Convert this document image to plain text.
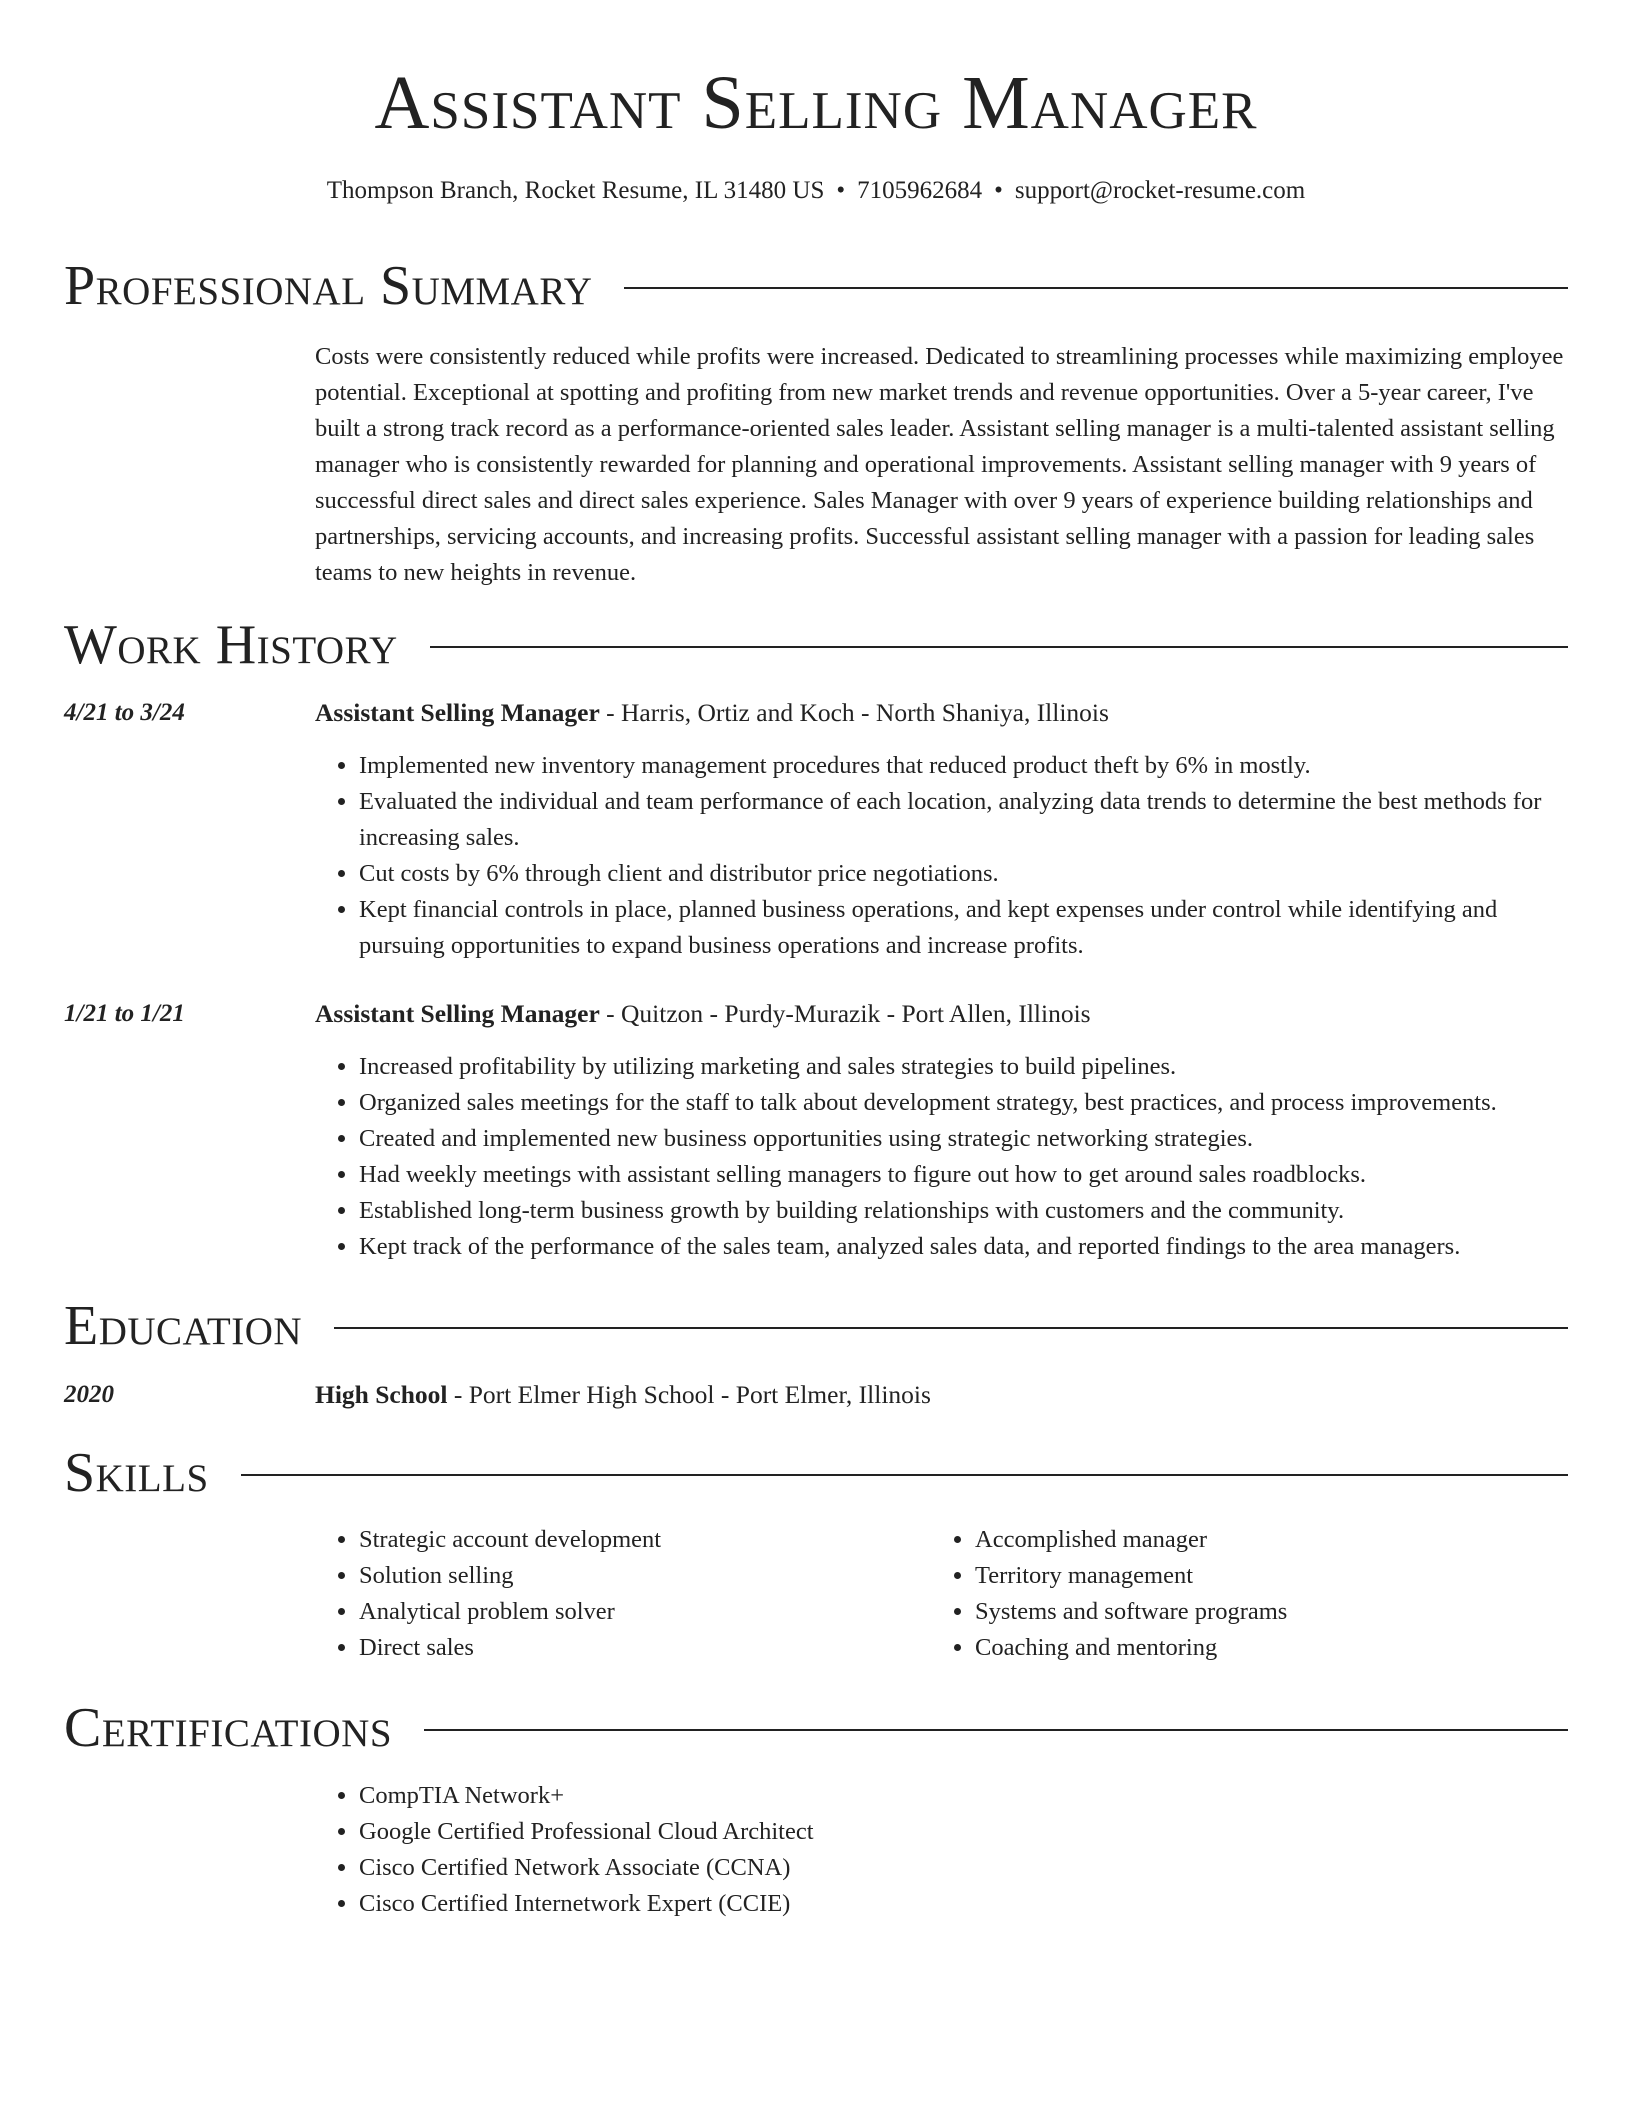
Assistant Selling Manager
Thompson Branch, Rocket Resume, IL 31480 US • 7105962684 • support@rocket-resume.com
Professional Summary

Costs were consistently reduced while profits were increased. Dedicated to streamlining processes while maximizing employee potential. Exceptional at spotting and profiting from new market trends and revenue opportunities. Over a 5-year career, I've built a strong track record as a performance-oriented sales leader. Assistant selling manager is a multi-talented assistant selling manager who is consistently rewarded for planning and operational improvements. Assistant selling manager with 9 years of successful direct sales and direct sales experience. Sales Manager with over 9 years of experience building relationships and partnerships, servicing accounts, and increasing profits. Successful assistant selling manager with a passion for leading sales teams to new heights in revenue.

Work History
4/21 to 3/24	Assistant Selling Manager - Harris, Ortiz and Koch - North Shaniya, Illinois
• Implemented new inventory management procedures that reduced product theft by 6% in mostly.
• Evaluated the individual and team performance of each location, analyzing data trends to determine the best methods for increasing sales.
• Cut costs by 6% through client and distributor price negotiations.
• Kept financial controls in place, planned business operations, and kept expenses under control while identifying and pursuing opportunities to expand business operations and increase profits.
1/21 to 1/21	Assistant Selling Manager - Quitzon - Purdy-Murazik - Port Allen, Illinois
• Increased profitability by utilizing marketing and sales strategies to build pipelines.
• Organized sales meetings for the staff to talk about development strategy, best practices, and process improvements.
• Created and implemented new business opportunities using strategic networking strategies.
• Had weekly meetings with assistant selling managers to figure out how to get around sales roadblocks.
• Established long-term business growth by building relationships with customers and the community.
• Kept track of the performance of the sales team, analyzed sales data, and reported findings to the area managers.
Education
2020	High School - Port Elmer High School - Port Elmer, Illinois
Skills
• Strategic account development
• Solution selling
• Analytical problem solver
• Direct sales
• Accomplished manager
• Territory management
• Systems and software programs
• Coaching and mentoring
Certifications
• CompTIA Network+
• Google Certified Professional Cloud Architect
• Cisco Certified Network Associate (CCNA)
• Cisco Certified Internetwork Expert (CCIE)
